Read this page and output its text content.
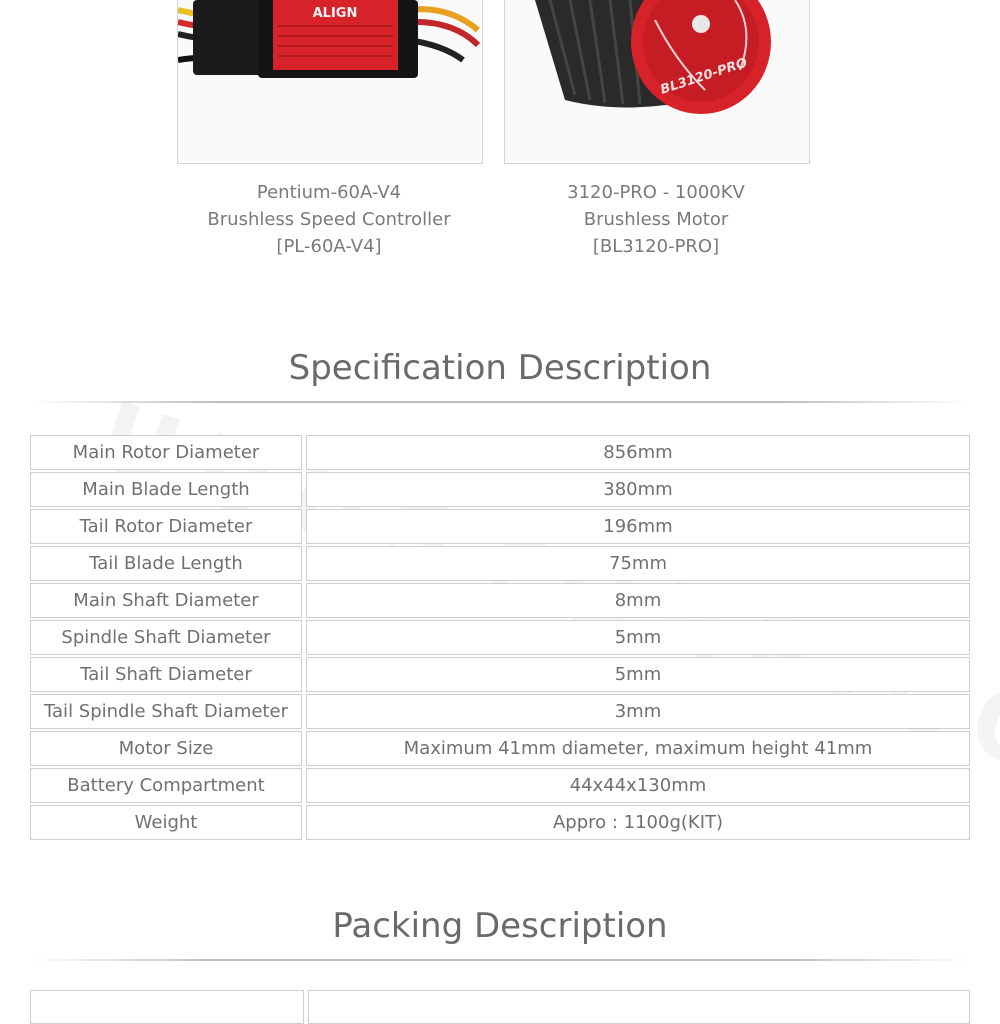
ALIGN
BL3120-PRO
Pentium-60A-V4
Brushless Speed Controller
[PL-60A-V4]
3120-PRO - 1000KV
Brushless Motor
[BL3120-PRO]
Specification Description
Main Rotor Diameter	856mm
Main Blade Length	380mm
Tail Rotor Diameter	196mm
Tail Blade Length	75mm
Main Shaft Diameter	8mm
Spindle Shaft Diameter	5mm
Tail Shaft Diameter	5mm
Tail Spindle Shaft Diameter	3mm
Motor Size	Maximum 41mm diameter, maximum height 41mm
Battery Compartment	44x44x130mm
Weight	Appro : 1100g(KIT)
Packing Description
